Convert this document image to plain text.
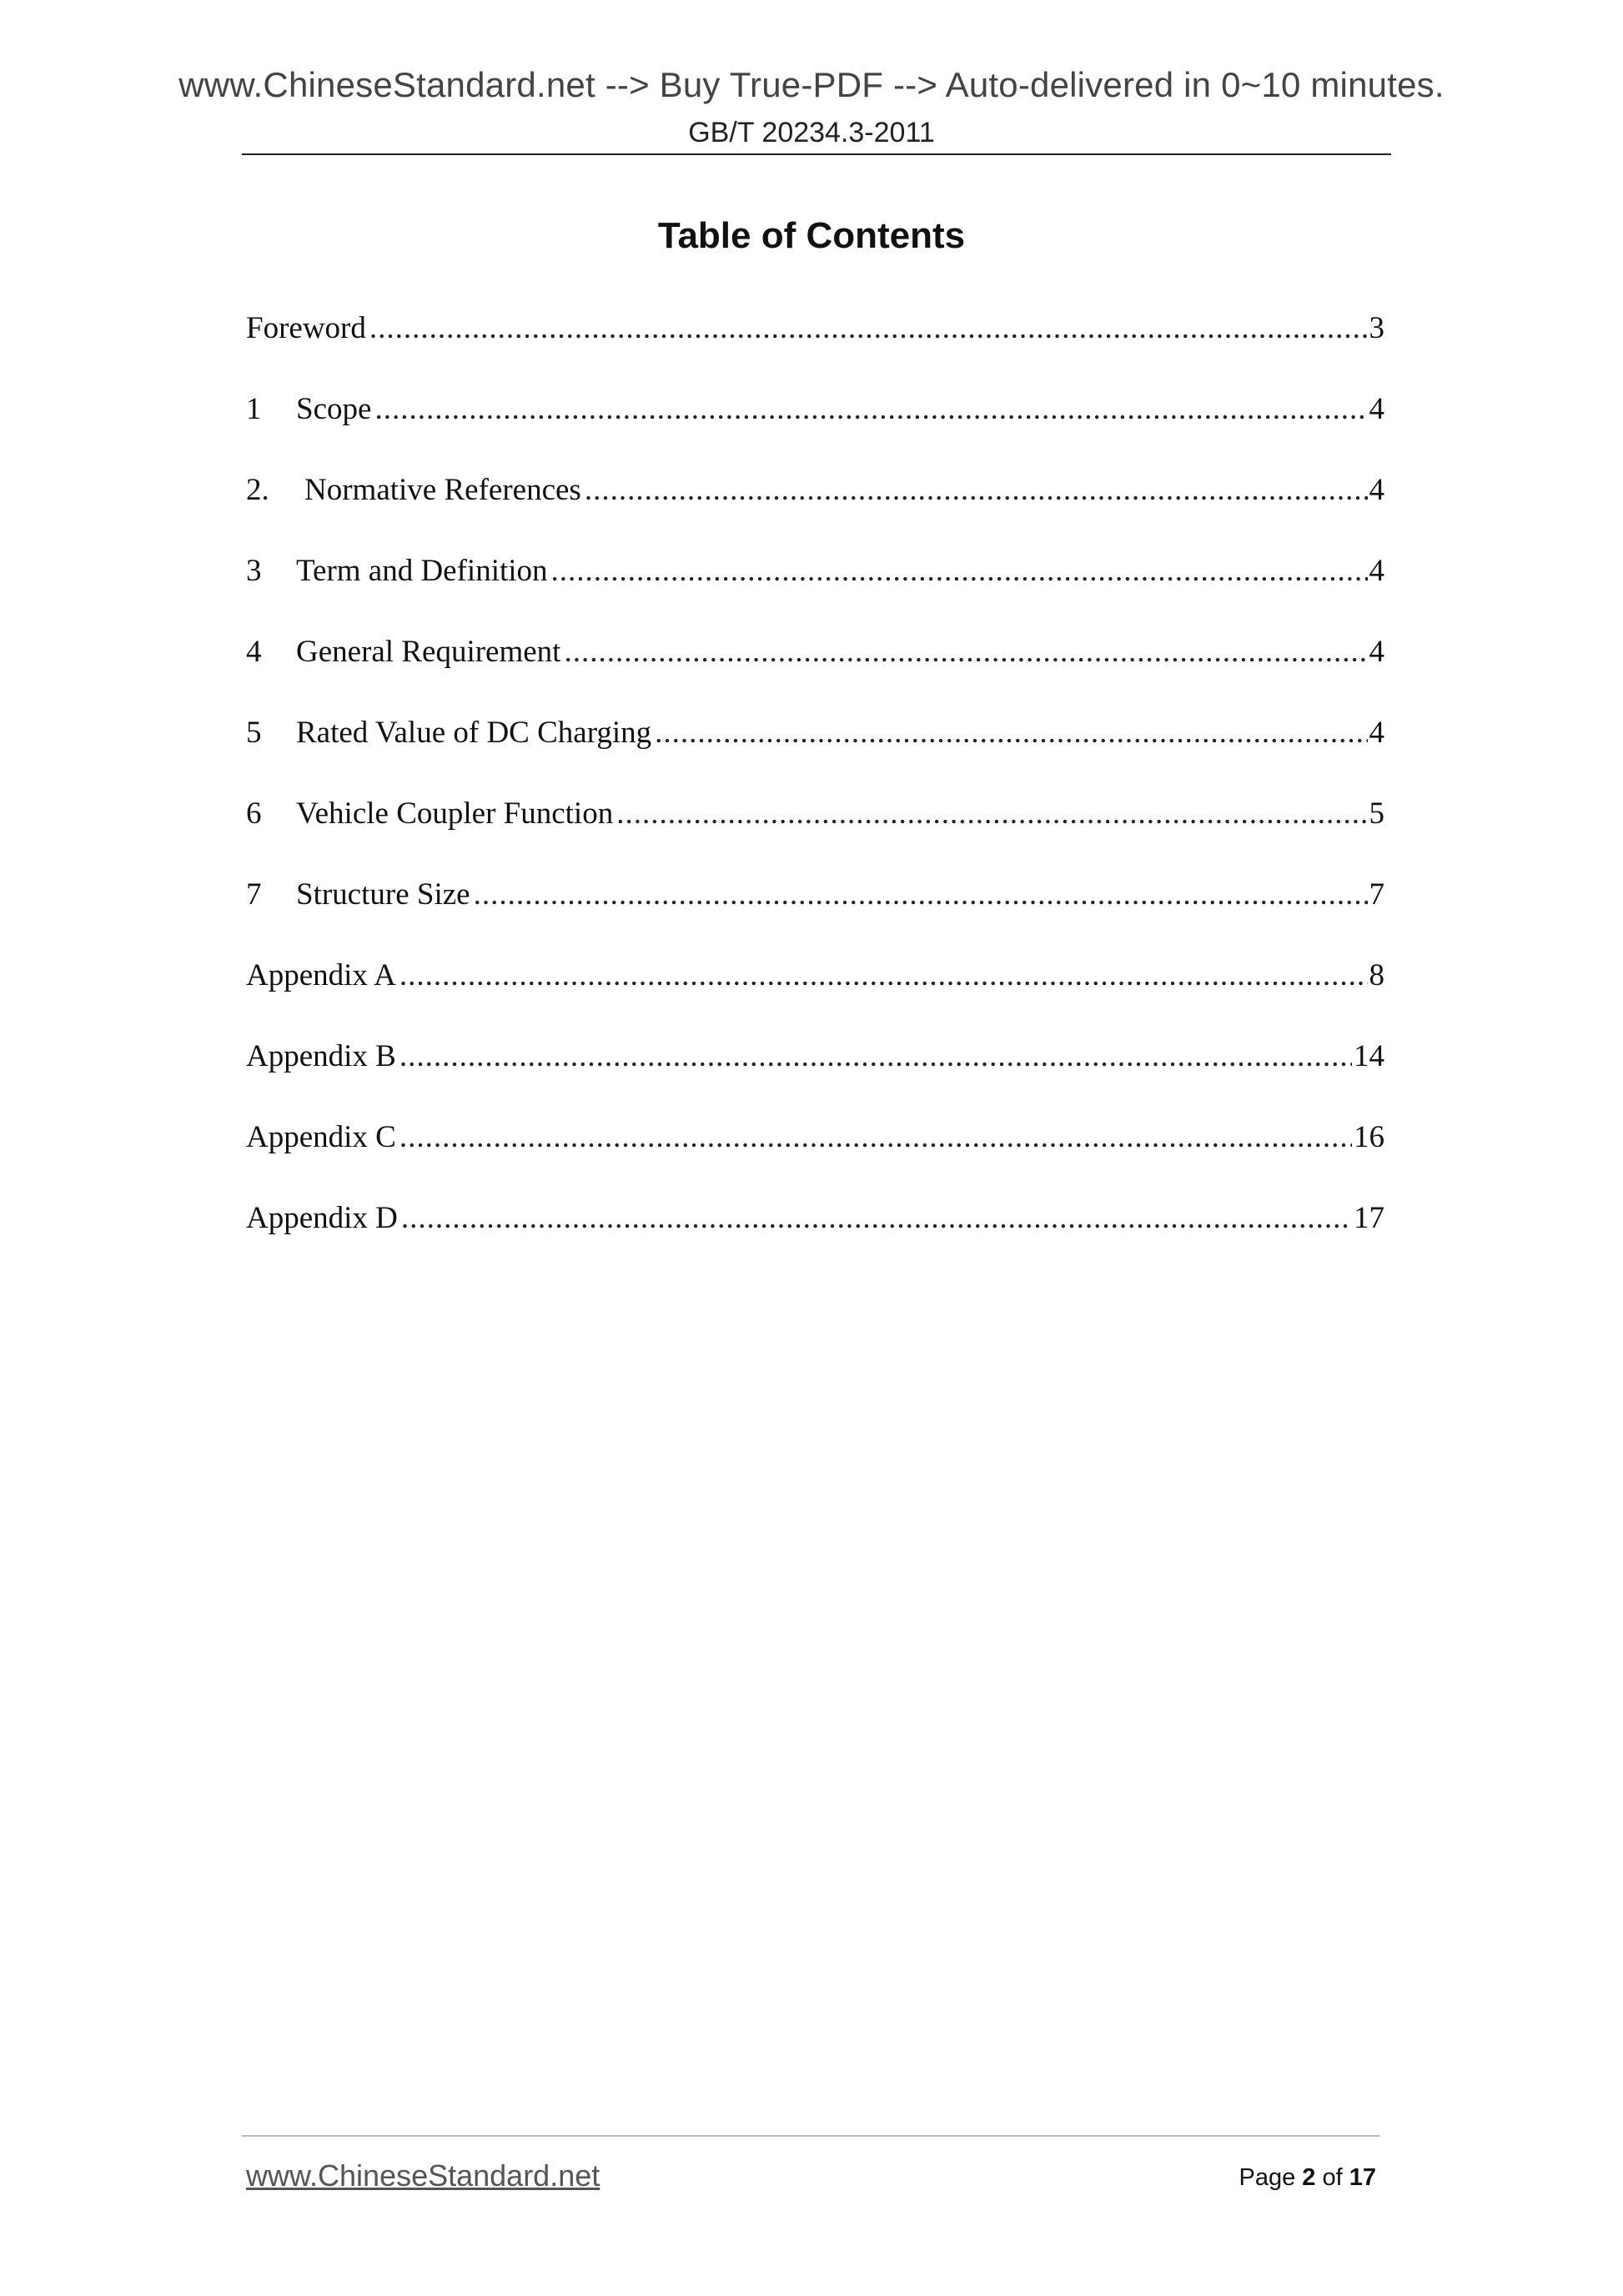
www.ChineseStandard.net --> Buy True-PDF --> Auto-delivered in 0~10 minutes.
GB/T 20234.3-2011
Table of Contents
Foreword .....	3
1	Scope .....	4
2.	Normative References .....	4
3	Term and Definition .....	4
4	General Requirement .....	4
5	Rated Value of DC Charging .....	4
6	Vehicle Coupler Function .....	5
7	Structure Size .....	7
Appendix A .....	8
Appendix B .....	14
Appendix C .....	16
Appendix D .....	17
www.ChineseStandard.net	Page 2 of 17
